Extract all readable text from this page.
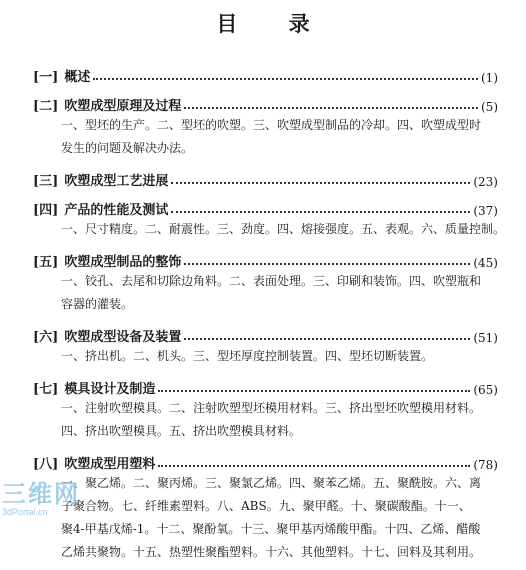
目 录
[一] 概述	(1)
[二] 吹塑成型原理及过程	(5)
一、型坯的生产。二、型坯的吹塑。三、吹塑成型制品的冷却。四、吹塑成型时
发生的问题及解决办法。
[三] 吹塑成型工艺进展	(23)
[四] 产品的性能及测试	(37)
一、尺寸精度。二、耐震性。三、劲度。四、熔接强度。五、表观。六、质量控制。
[五] 吹塑成型制品的整饰	(45)
一、铰孔、去尾和切除边角料。二、表面处理。三、印刷和装饰。四、吹塑瓶和
容器的灌装。
[六] 吹塑成型设备及装置	(51)
一、挤出机。二、机头。三、型坯厚度控制装置。四、型坯切断装置。
[七] 模具设计及制造	(65)
一、注射吹塑模具。二、注射吹塑型坯模用材料。三、挤出型坯吹塑模用材料。
四、挤出吹塑模具。五、挤出吹塑模具材料。
[八] 吹塑成型用塑料	(78)
一、聚乙烯。二、聚丙烯。三、聚氯乙烯。四、聚苯乙烯。五、聚酰胺。六、离
子聚合物。七、纤维素塑料。八、ABS。九、聚甲醛。十、聚碳酸酯。十一、
聚4-甲基戊烯-1。十二、聚酚氧。十三、聚甲基丙烯酸甲酯。十四、乙烯、醋酸
乙烯共聚物。十五、热塑性聚酯塑料。十六、其他塑料。十七、回料及其利用。
三维网
3dPortal.cn
